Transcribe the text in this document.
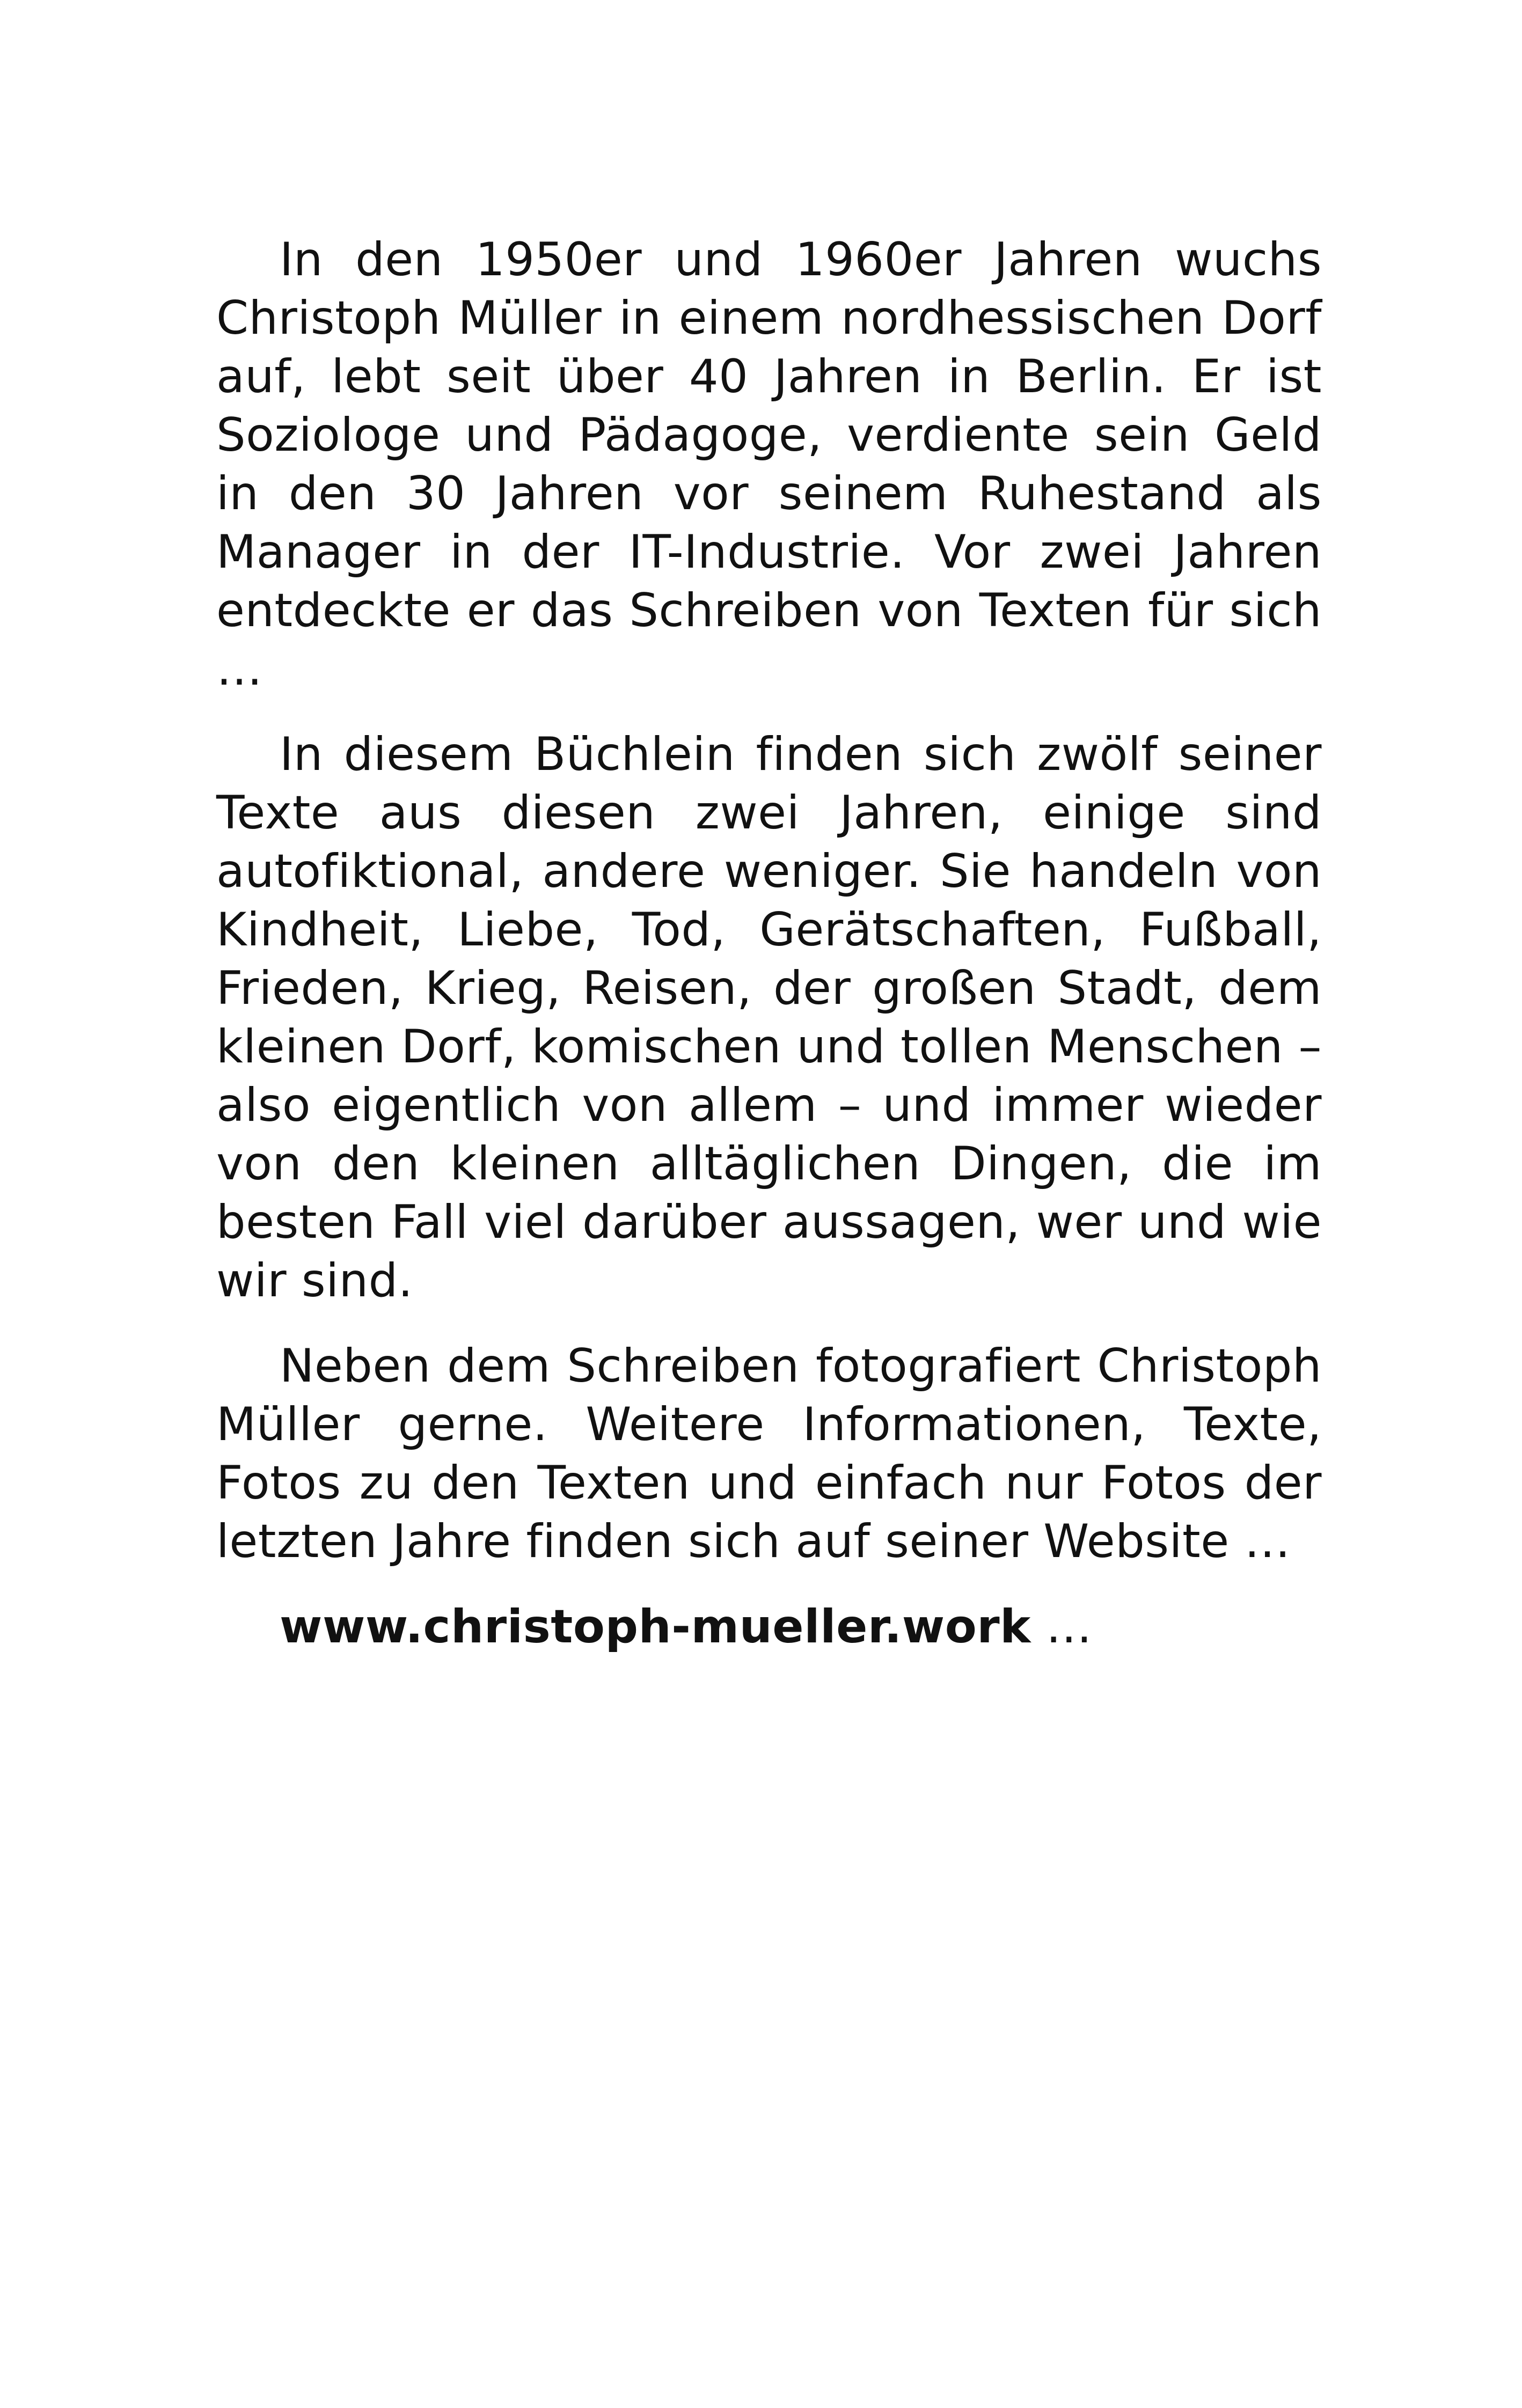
In den 1950er und 1960er Jahren wuchs Christoph Müller in einem nordhessischen Dorf auf, lebt seit über 40 Jahren in Berlin. Er ist Soziologe und Pädagoge, verdiente sein Geld in den 30 Jahren vor seinem Ruhestand als Manager in der IT-Industrie. Vor zwei Jahren entdeckte er das Schreiben von Texten für sich …

In diesem Büchlein finden sich zwölf seiner Texte aus diesen zwei Jahren, einige sind autofiktional, andere weniger. Sie handeln von Kindheit, Liebe, Tod, Gerätschaften, Fußball, Frieden, Krieg, Reisen, der großen Stadt, dem kleinen Dorf, komischen und tollen Menschen – also eigentlich von allem – und immer wieder von den kleinen alltäglichen Dingen, die im besten Fall viel darüber aussagen, wer und wie wir sind.

Neben dem Schreiben fotografiert Christoph Müller gerne. Weitere Informationen, Texte, Fotos zu den Texten und einfach nur Fotos der letzten Jahre finden sich auf seiner Website …

www.christoph-mueller.work …
